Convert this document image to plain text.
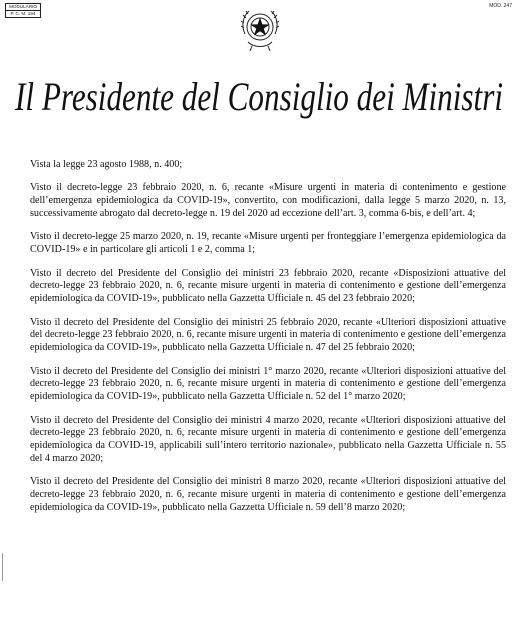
MODULARIO
P. C. M. 194
MOD. 247
Il Presidente del Consiglio dei Ministri

Vista la legge 23 agosto 1988, n. 400;

Visto il decreto-legge 23 febbraio 2020, n. 6, recante «Misure urgenti in materia di contenimento e gestione dell’emergenza epidemiologica da COVID-19», convertito, con modificazioni, dalla legge 5 marzo 2020, n. 13, successivamente abrogato dal decreto-legge n. 19 del 2020 ad eccezione dell’art. 3, comma 6-bis, e dell’art. 4;

Visto il decreto-legge 25 marzo 2020, n. 19, recante «Misure urgenti per fronteggiare l’emergenza epidemiologica da COVID-19» e in particolare gli articoli 1 e 2, comma 1;

Visto il decreto del Presidente del Consiglio dei ministri 23 febbraio 2020, recante «Disposizioni attuative del decreto-legge 23 febbraio 2020, n. 6, recante misure urgenti in materia di contenimento e gestione dell’emergenza epidemiologica da COVID-19», pubblicato nella Gazzetta Ufficiale n. 45 del 23 febbraio 2020;

Visto il decreto del Presidente del Consiglio dei ministri 25 febbraio 2020, recante «Ulteriori disposizioni attuative del decreto-legge 23 febbraio 2020, n. 6, recante misure urgenti in materia di contenimento e gestione dell’emergenza epidemiologica da COVID-19», pubblicato nella Gazzetta Ufficiale n. 47 del 25 febbraio 2020;

Visto il decreto del Presidente del Consiglio dei ministri 1° marzo 2020, recante «Ulteriori disposizioni attuative del decreto-legge 23 febbraio 2020, n. 6, recante misure urgenti in materia di contenimento e gestione dell’emergenza epidemiologica da COVID-19», pubblicato nella Gazzetta Ufficiale n. 52 del 1° marzo 2020;

Visto il decreto del Presidente del Consiglio dei ministri 4 marzo 2020, recante «Ulteriori disposizioni attuative del decreto-legge 23 febbraio 2020, n. 6, recante misure urgenti in materia di contenimento e gestione dell’emergenza epidemiologica da COVID-19, applicabili sull’intero territorio nazionale», pubblicato nella Gazzetta Ufficiale n. 55 del 4 marzo 2020;

Visto il decreto del Presidente del Consiglio dei ministri 8 marzo 2020, recante «Ulteriori disposizioni attuative del decreto-legge 23 febbraio 2020, n. 6, recante misure urgenti in materia di contenimento e gestione dell’emergenza epidemiologica da COVID-19», pubblicato nella Gazzetta Ufficiale n. 59 dell’8 marzo 2020;
